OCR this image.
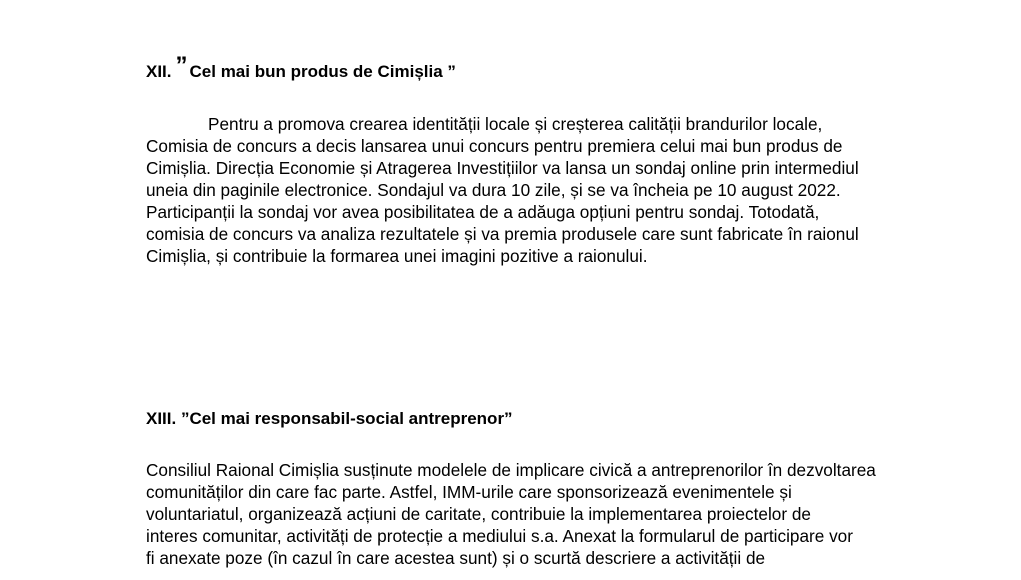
XII. ” Cel mai bun produs de Cimișlia ”
Pentru a promova crearea identității locale și creșterea calității brandurilor locale,
Comisia de concurs a decis lansarea unui concurs pentru premiera celui mai bun produs de
Cimișlia. Direcția Economie și Atragerea Investițiilor va lansa un sondaj online prin intermediul
uneia din paginile electronice. Sondajul va dura 10 zile, și se va încheia pe 10 august 2022.
Participanții la sondaj vor avea posibilitatea de a adăuga opțiuni pentru sondaj. Totodată,
comisia de concurs va analiza rezultatele și va premia produsele care sunt fabricate în raionul
Cimișlia, și contribuie la formarea unei imagini pozitive a raionului.
XIII. ”Cel mai responsabil-social antreprenor”
Consiliul Raional Cimișlia susținute modelele de implicare civică a antreprenorilor în dezvoltarea
comunităților din care fac parte. Astfel, IMM-urile care sponsorizează evenimentele și
voluntariatul, organizează acțiuni de caritate, contribuie la implementarea proiectelor de
interes comunitar, activități de protecție a mediului s.a. Anexat la formularul de participare vor
fi anexate poze (în cazul în care acestea sunt) și o scurtă descriere a activității de
